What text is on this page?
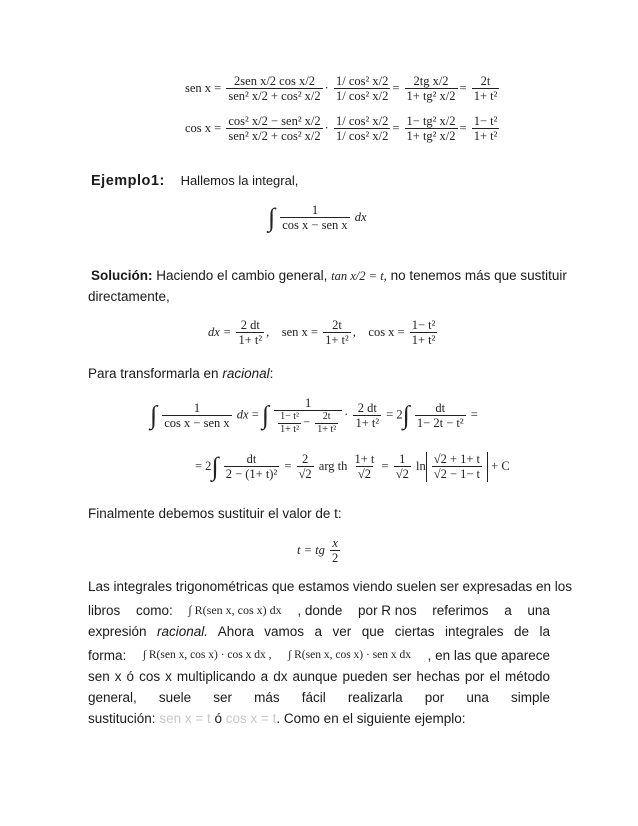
sen $x = \frac{\text{2sen x/2 cos x/2}}{\text{sen² x/2 + cos² x/2}} \cdot \frac{\text{1/ cos² x/2}}{\text{1/ cos² x/2}} = \frac{\text{2tg x/2}}{\text{1+ tg² x/2}} = \frac{2t}{\text{1+ t²}}$
$\cos x = \frac{\text{cos² x/2 − sen² x/2}}{\text{sen² x/2 + cos² x/2}} \cdot \frac{\text{1/ cos² x/2}}{\text{1/ cos² x/2}} = \frac{\text{1− tg² x/2}}{\text{1+ tg² x/2}} = \frac{\text{1− t²}}{\text{1+ t²}}$
Ejemplo1: Hallemos la integral,
∫ $\frac{1}{\text{cos x − sen x}}$ dx
Solución: Haciendo el cambio general, tan x/2 = t, no tenemos más que sustituir
directamente,
dx = $\frac{2 dt}{\text{1+ t²}}$ ,    sen $x = \frac{2t}{\text{1+ t²}}$ ,    $\cos x = \frac{\text{1− t²}}{\text{1+ t²}}$
Para transformarla en racional:
∫ $\frac{1}{\text{cos x − sen x}}$ dx = ∫ $\frac{1}{\frac{\text{1− t²}}{\text{1+ t²}} - \frac{2t}{\text{1+ t²}}} \cdot \frac{2 dt}{\text{1+ t²}} = 2\int \frac{dt}{\text{1− 2t − t²}}$ =
= $2\int \frac{dt}{\text{2 − (1+ t)²}} = \frac{2}{√2}$ arg th $\frac{1+ t}{√2} = \frac{1}{√2}$ $\ln \frac{√2 + 1+ t}{√2 - 1- t} + C$
Finalmente debemos sustituir el valor de t:
t = tg $\frac{x}{2}$
Las integrales trigonométricas que estamos viendo suelen ser expresadas en los
libros como: ∫ R(sen x, cos x) dx , donde por R nos referimos a una
expresión racional. Ahora vamos a ver que ciertas integrales de la
forma: ∫ R(sen x, cos x) · cos x dx , ∫ R(sen x, cos x) · sen x dx , en las que aparece
sen x ó cos x multiplicando a dx aunque pueden ser hechas por el método
general, suele ser más fácil realizarla por una simple
sustitución: sen x = t ó cos x = t. Como en el siguiente ejemplo:
